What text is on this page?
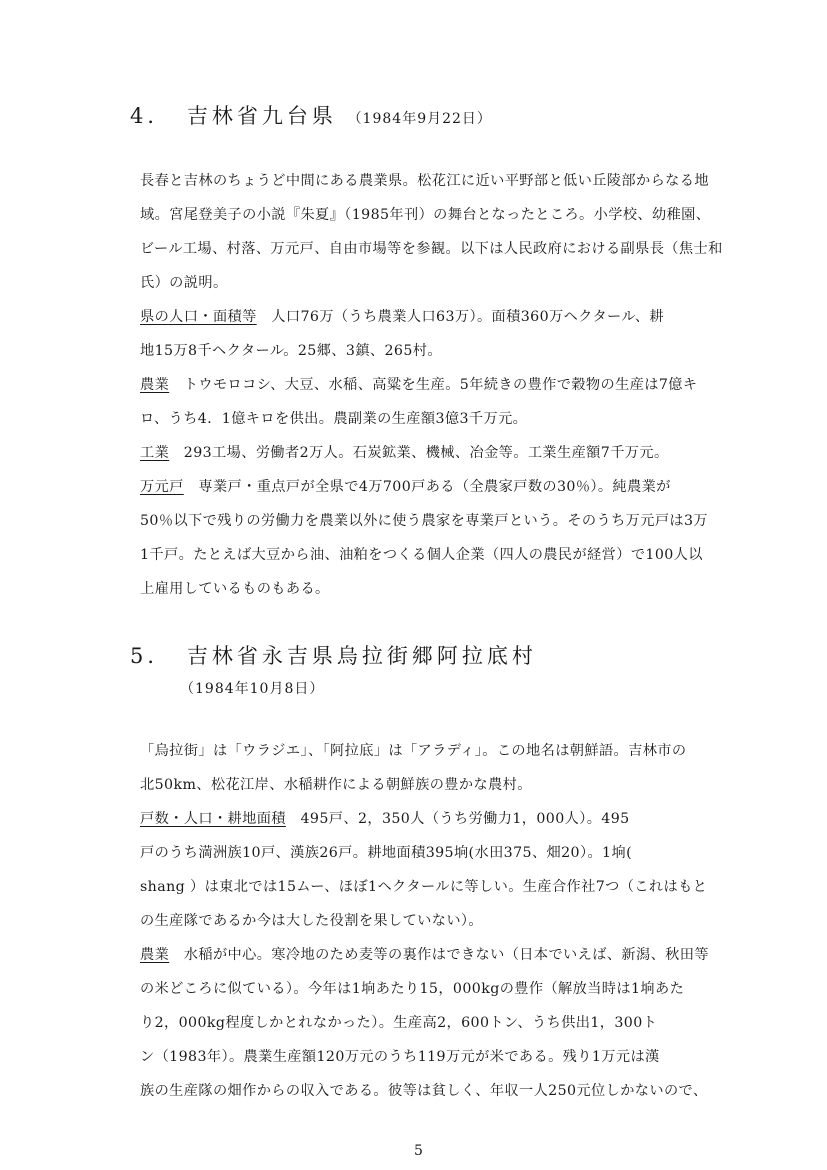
4．　吉林省九台県 （1984年9月22日）
長春と吉林のちょうど中間にある農業県。松花江に近い平野部と低い丘陵部からなる地
域。宮尾登美子の小説『朱夏』（1985年刊）の舞台となったところ。小学校、幼稚園、
ビール工場、村落、万元戸、自由市場等を参観。以下は人民政府における副県長（焦士和
氏）の説明。
県の人口・面積等　 人口76万（うち農業人口63万）。面積360万ヘクタール、耕
地15万8千ヘクタール。25郷、3鎮、265村。
農業　 トウモロコシ、大豆、水稲、高粱を生産。5年続きの豊作で穀物の生産は7億キ
ロ、うち4．1億キロを供出。農副業の生産額3億3千万元。
工業　 293工場、労働者2万人。石炭鉱業、機械、冶金等。工業生産額7千万元。
万元戸　 専業戸・重点戸が全県で4万700戸ある（全農家戸数の30％）。純農業が
50％以下で残りの労働力を農業以外に使う農家を専業戸という。そのうち万元戸は3万
1千戸。たとえば大豆から油、油粕をつくる個人企業（四人の農民が経営）で100人以
上雇用しているものもある。
5．　吉林省永吉県烏拉街郷阿拉底村
（1984年10月8日）
「烏拉街」は「ウラジエ」、「阿拉底」は「アラディ」。この地名は朝鮮語。吉林市の
北50km、松花江岸、水稲耕作による朝鮮族の豊かな農村。
戸数・人口・耕地面積　 495戸、2，350人（うち労働力1，000人）。495
戸のうち満洲族10戸、漢族26戸。耕地面積395垧(水田375、畑20）。1垧(
shang ）は東北では15ムー、ほぼ1ヘクタールに等しい。生産合作社7つ（これはもと
の生産隊であるか今は大した役割を果していない）。
農業　 水稲が中心。寒冷地のため麦等の裏作はできない（日本でいえば、新潟、秋田等
の米どころに似ている）。今年は1垧あたり15，000kgの豊作（解放当時は1垧あた
り2，000kg程度しかとれなかった）。生産高2，600トン、うち供出1，300ト
ン（1983年）。農業生産額120万元のうち119万元が米である。残り1万元は漢
族の生産隊の畑作からの収入である。彼等は貧しく、年収一人250元位しかないので、
5
